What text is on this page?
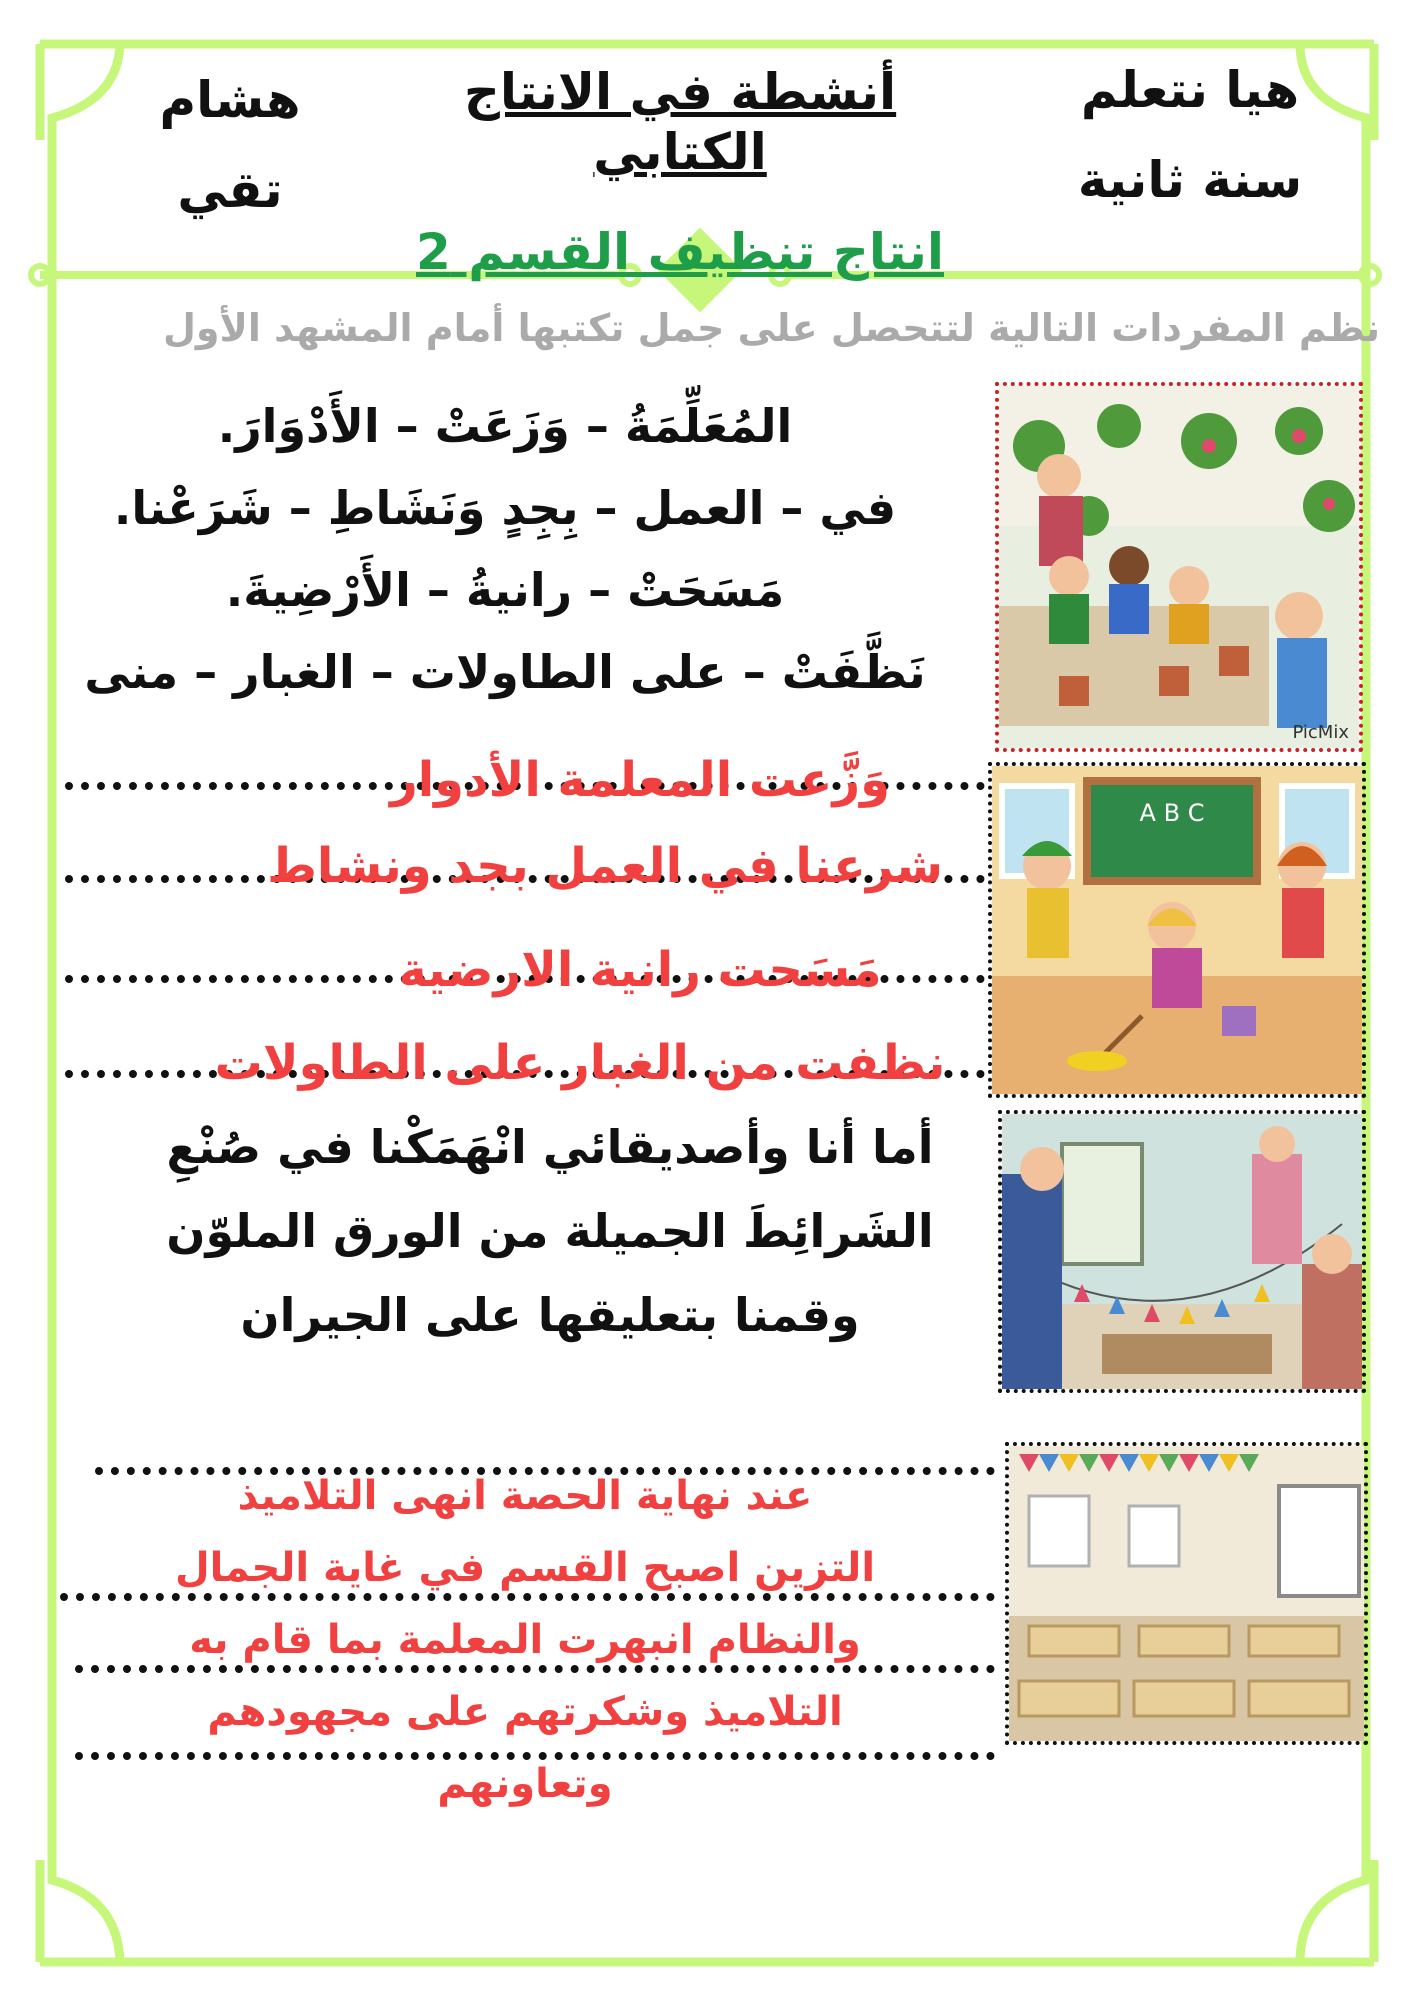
هيا نتعلم
سنة ثانية
أنشطة في الانتاج الكتابي
انتاج تنظيف القسم 2
هشام
تقي
نظم المفردات التالية لتتحصل على جمل تكتبها أمام المشهد الأول
المُعَلِّمَةُ – وَزَعَتْ – الأَدْوَارَ.
في – العمل – بِجِدٍ وَنَشَاطِ – شَرَعْنا.
مَسَحَتْ – رانيةُ – الأَرْضِيةَ.
نَظَّفَتْ – على الطاولات – الغبار – منى
PicMix
وَزَّعت المعلمة الأدوار
شرعنا في العمل بجد ونشاط
مَسَحت رانية الارضية
نظفت من الغبار على الطاولات
A B C
أما أنا وأصديقائي انْهَمَكْنا في صُنْعِ
الشَرائِطَ الجميلة من الورق الملوّن
وقمنا بتعليقها على الجيران
عند نهاية الحصة انهى التلاميذ
التزين اصبح القسم في غاية الجمال
والنظام انبهرت المعلمة بما قام به
التلاميذ وشكرتهم على مجهودهم
وتعاونهم
